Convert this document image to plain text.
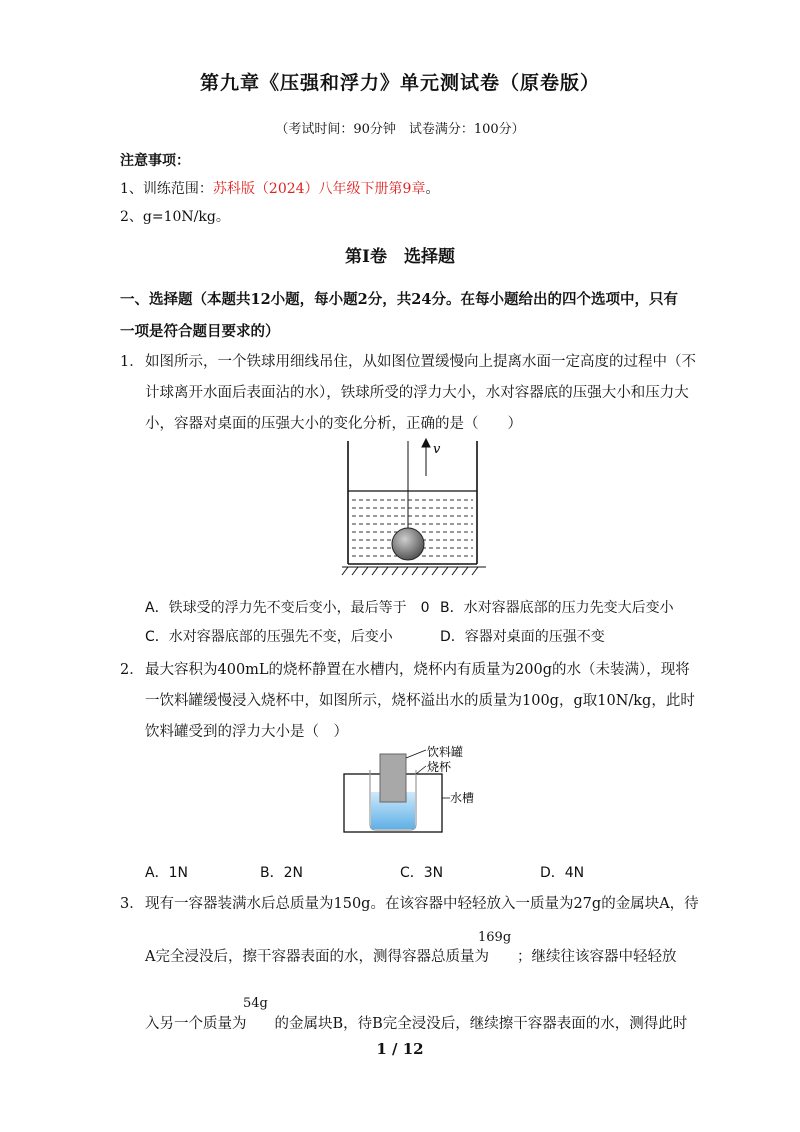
第九章《压强和浮力》单元测试卷（原卷版）
（考试时间：90分钟　试卷满分：100分）
注意事项：
1、训练范围：苏科版（2024）八年级下册第9章。
2、g=10N/kg。
第Ⅰ卷　选择题
一、选择题（本题共12小题，每小题2分，共24分。在每小题给出的四个选项中，只有
一项是符合题目要求的）
1． 如图所示，一个铁球用细线吊住，从如图位置缓慢向上提离水面一定高度的过程中（不
计球离开水面后表面沾的水），铁球所受的浮力大小，水对容器底的压强大小和压力大
小，容器对桌面的压强大小的变化分析，正确的是（　　）
v
A．铁球受的浮力先不变后变小，最后等于　0 B．水对容器底部的压力先变大后变小
C．水对容器底部的压强先不变，后变小	D．容器对桌面的压强不变
2． 最大容积为400mL的烧杯静置在水槽内，烧杯内有质量为200g的水（未装满），现将
一饮料罐缓慢浸入烧杯中，如图所示，烧杯溢出水的质量为100g，g取10N/kg，此时
饮料罐受到的浮力大小是（　）
饮料罐
烧杯
水槽
A．1N	B．2N	C．3N	D．4N
3． 现有一容器装满水后总质量为150g。在该容器中轻轻放入一质量为27g的金属块A，待
A完全浸没后，擦干容器表面的水，测得容器总质量为 ；继续往该容器中轻轻放
169g
入另一个质量为 的金属块B，待B完全浸没后，继续擦干容器表面的水，测得此时
54g
1 / 12
